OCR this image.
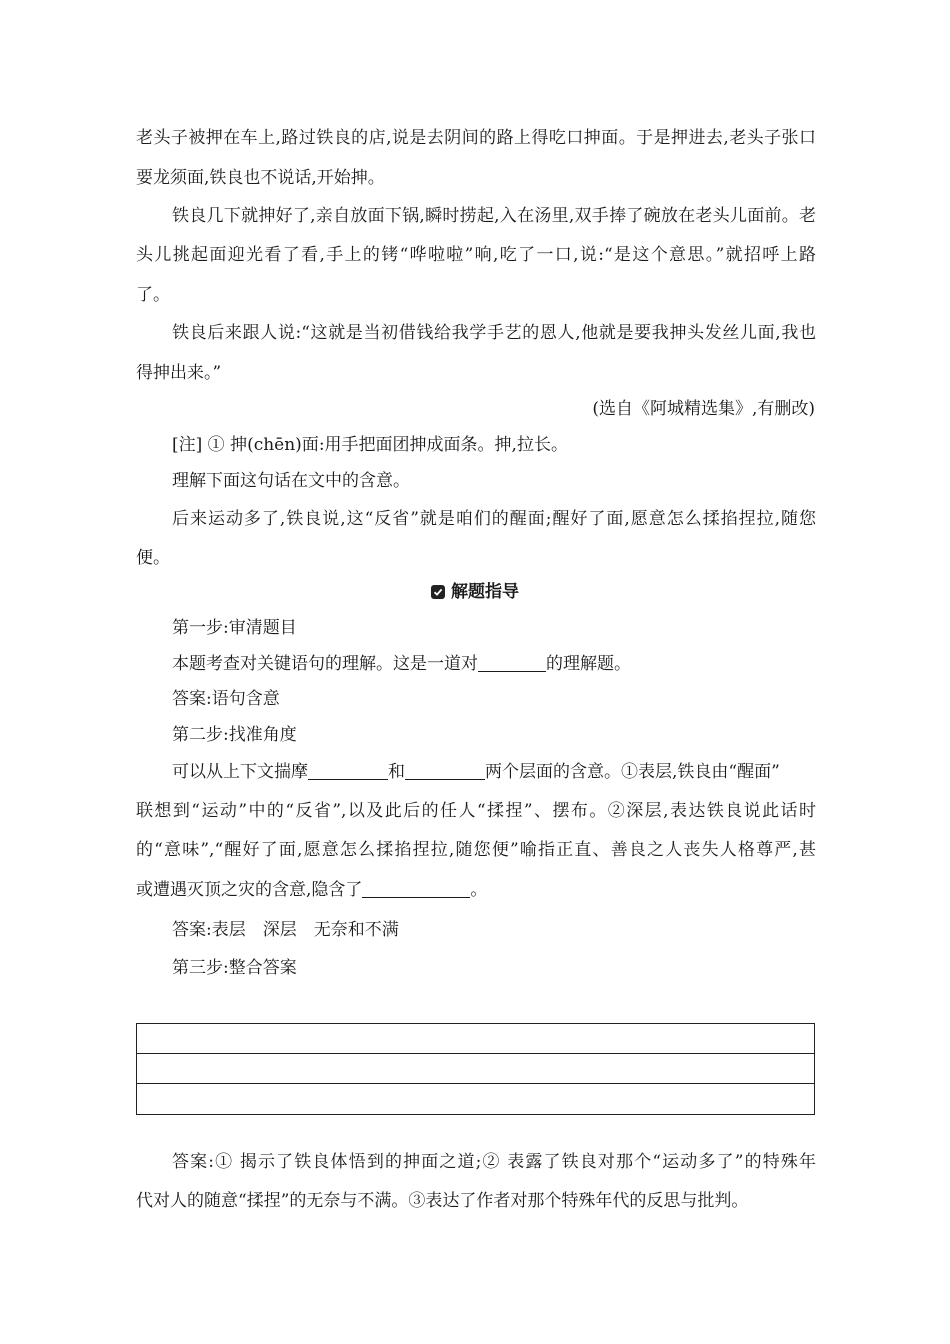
老头子被押在车上,路过铁良的店,说是去阴间的路上得吃口抻面。于是押进去,老头子张口
要龙须面,铁良也不说话,开始抻。
铁良几下就抻好了,亲自放面下锅,瞬时捞起,入在汤里,双手捧了碗放在老头儿面前。老
头儿挑起面迎光看了看,手上的铐“哗啦啦”响,吃了一口,说:“是这个意思。”就招呼上路
了。
铁良后来跟人说:“这就是当初借钱给我学手艺的恩人,他就是要我抻头发丝儿面,我也
得抻出来。”
(选自《阿城精选集》,有删改)
[注] ① 抻(chēn)面:用手把面团抻成面条。抻,拉长。
理解下面这句话在文中的含意。
后来运动多了,铁良说,这“反省”就是咱们的醒面;醒好了面,愿意怎么揉掐捏拉,随您
便。
解题指导
第一步:审清题目
本题考查对关键语句的理解。这是一道对	的理解题。
答案:语句含意
第二步:找准角度
可以从上下文揣摩	和	两个层面的含意。①表层,铁良由“醒面”
联想到“运动”中的“反省”,以及此后的任人“揉捏”、摆布。②深层,表达铁良说此话时
的“意味”,“醒好了面,愿意怎么揉掐捏拉,随您便”喻指正直、善良之人丧失人格尊严,甚
或遭遇灭顶之灾的含意,隐含了	。
答案:表层　深层　无奈和不满
第三步:整合答案
答案:① 揭示了铁良体悟到的抻面之道;② 表露了铁良对那个“运动多了”的特殊年
代对人的随意“揉捏”的无奈与不满。③表达了作者对那个特殊年代的反思与批判。
